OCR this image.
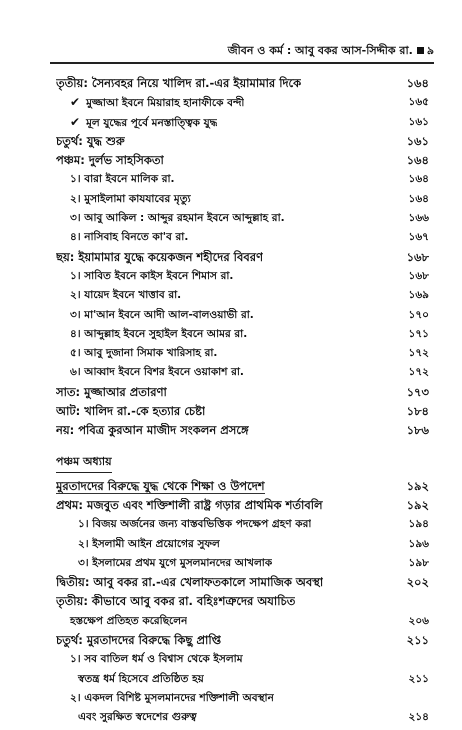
জীবন ও কর্ম : আবু বকর আস-সিদ্দীক রা. ৯
তৃতীয়: সৈন্যবহর নিয়ে খালিদ রা.-এর ইয়ামামার দিকে	১৬৪
✔ মুজ্জাআ ইবনে মিয়ারাহ হানাফীকে বন্দী	১৬৫
✔ মূল যুদ্ধের পূর্বে মনস্তাত্ত্বিক যুদ্ধ	১৬১
চতুর্থ: যুদ্ধ শুরু	১৬১
পঞ্চম: দুর্লভ সাহসিকতা	১৬৪
১। বারা ইবনে মালিক রা.	১৬৪
২। মুসাইলামা কাযযাবের মৃত্যু	১৬৪
৩। আবু আকিল : আব্দুর রহমান ইবনে আব্দুল্লাহ রা.	১৬৬
৪। নাসিবাহ বিনতে কা'ব রা.	১৬৭
ছয়: ইয়ামামার যুদ্ধে কয়েকজন শহীদের বিবরণ	১৬৮
১। সাবিত ইবনে কাইস ইবনে শিমাস রা.	১৬৮
২। যায়েদ ইবনে খাত্তাব রা.	১৬৯
৩। মা'আন ইবনে আদী আল-বালওয়াভী রা.	১৭০
৪। আব্দুল্লাহ ইবনে সুহাইল ইবনে আমর রা.	১৭১
৫। আবু দুজানা সিমাক খারিসাহ রা.	১৭২
৬। আব্বাদ ইবনে বিশর ইবনে ওয়াকাশ রা.	১৭২
সাত: মুজ্জাআর প্রতারণা	১৭৩
আট: খালিদ রা.-কে হত্যার চেষ্টা	১৮৪
নয়: পবিত্র কুরআন মাজীদ সংকলন প্রসঙ্গে	১৮৬
পঞ্চম অধ্যায়
মুরতাদদের বিরুদ্ধে যুদ্ধ থেকে শিক্ষা ও উপদেশ	১৯২
প্রথম: মজবুত এবং শক্তিশালী রাষ্ট্র গড়ার প্রাথমিক শর্তাবলি	১৯২
১। বিজয় অর্জনের জন্য বাস্তবভিত্তিক পদক্ষেপ গ্রহণ করা	১৯৪
২। ইসলামী আইন প্রয়োগের সুফল	১৯৬
৩। ইসলামের প্রথম যুগে মুসলমানদের আখলাক	১৯৮
দ্বিতীয়: আবু বকর রা.-এর খেলাফতকালে সামাজিক অবস্থা	২০২
তৃতীয়: কীভাবে আবু বকর রা. বহিঃশত্রুদের অযাচিত
হস্তক্ষেপ প্রতিহত করেছিলেন	২০৬
চতুর্থ: মুরতাদদের বিরুদ্ধে কিছু প্রাপ্তি	২১১
১। সব বাতিল ধর্ম ও বিশ্বাস থেকে ইসলাম
স্বতন্ত্র ধর্ম হিসেবে প্রতিষ্ঠিত হয়	২১১
২। একদল বিশিষ্ট মুসলমানদের শক্তিশালী অবস্থান
এবং সুরক্ষিত স্বদেশের গুরুত্ব	২১৪
